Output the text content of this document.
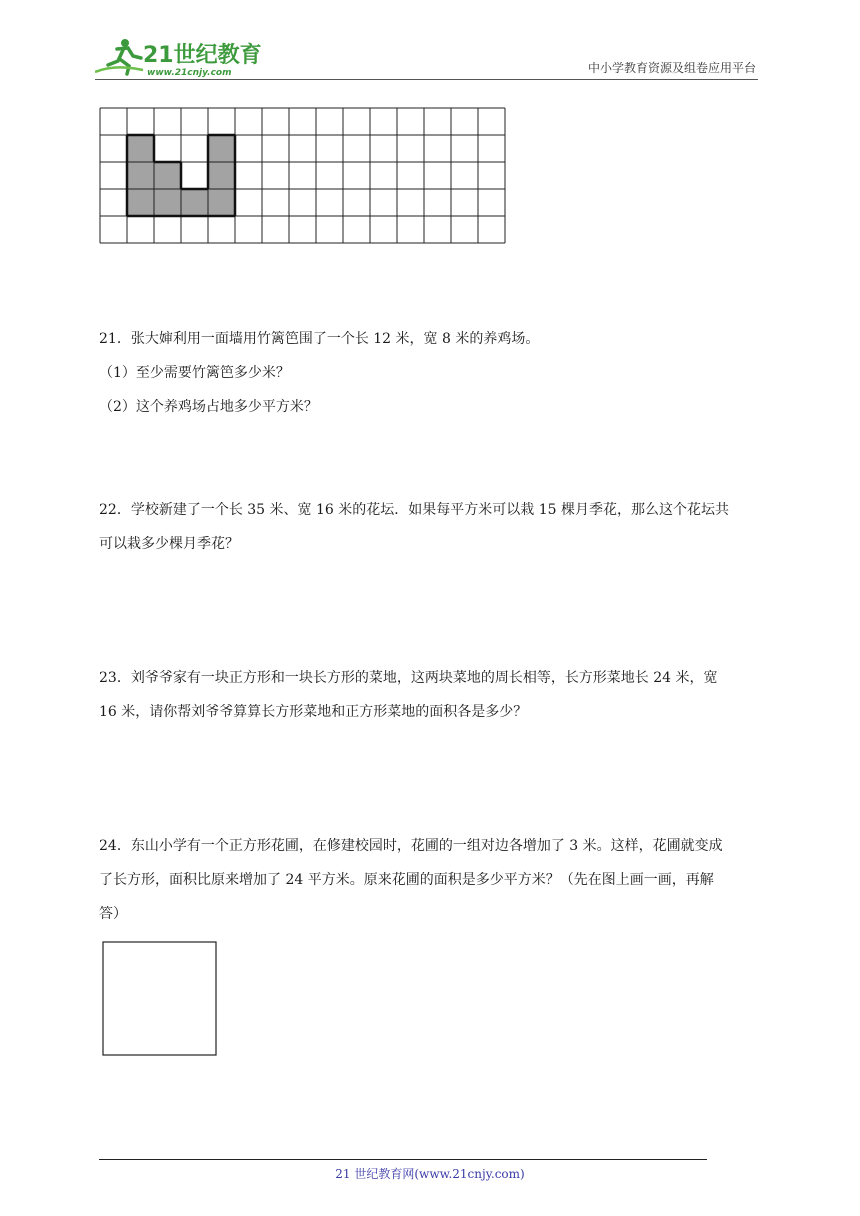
21世纪教育
www.21cnjy.com	中小学教育资源及组卷应用平台

21．张大婶利用一面墙用竹篱笆围了一个长 12 米，宽 8 米的养鸡场。

（1）至少需要竹篱笆多少米？

（2）这个养鸡场占地多少平方米？

22．学校新建了一个长 35 米、宽 16 米的花坛．如果每平方米可以栽 15 棵月季花，那么这个花坛共

可以栽多少棵月季花？

23．刘爷爷家有一块正方形和一块长方形的菜地，这两块菜地的周长相等，长方形菜地长 24 米，宽

16 米，请你帮刘爷爷算算长方形菜地和正方形菜地的面积各是多少？

24．东山小学有一个正方形花圃，在修建校园时，花圃的一组对边各增加了 3 米。这样，花圃就变成

了长方形，面积比原来增加了 24 平方米。原来花圃的面积是多少平方米？（先在图上画一画，再解

答）

21 世纪教育网(www.21cnjy.com)
